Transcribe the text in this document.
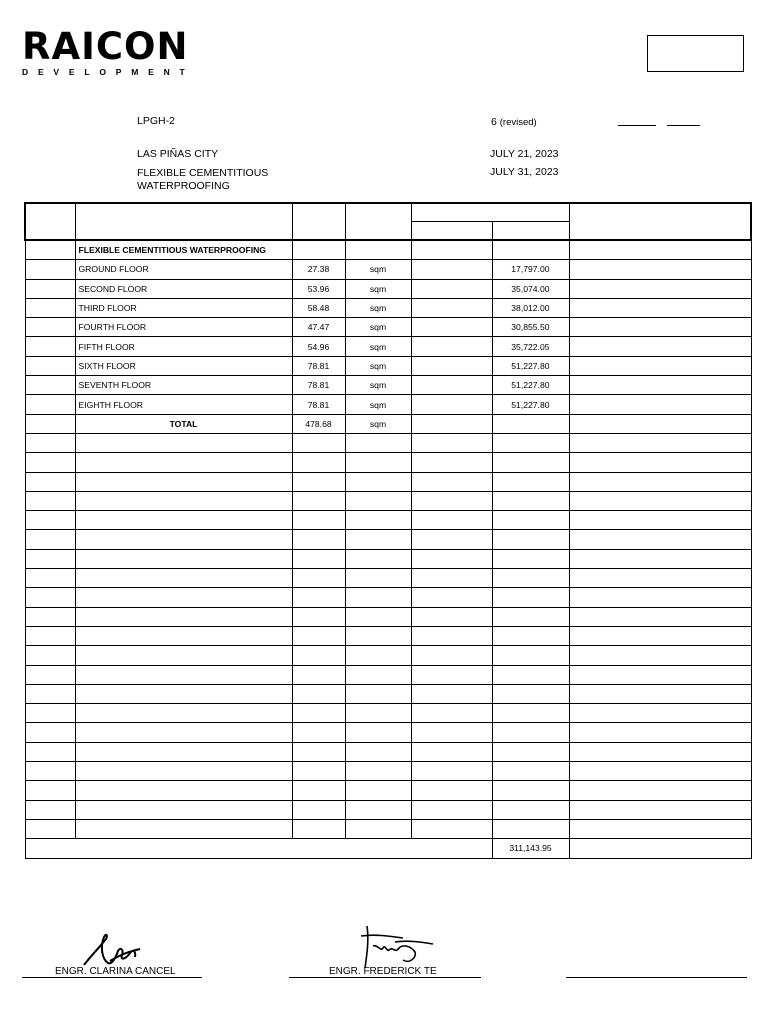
RAICON
DEVELOPMENT
LPGH-2	6 (revised)
LAS PIÑAS CITY	JULY 21, 2023
FLEXIBLE CEMENTITIOUS
WATERPROOFING
JULY 31, 2023

	FLEXIBLE CEMENTITIOUS WATERPROOFING					
	GROUND FLOOR	27.38	sqm		17,797.00	
	SECOND FLOOR	53.96	sqm		35,074.00	
	THIRD FLOOR	58.48	sqm		38,012.00	
	FOURTH FLOOR	47.47	sqm		30,855.50	
	FIFTH FLOOR	54.96	sqm		35,722.05	
	SIXTH FLOOR	78.81	sqm		51,227.80	
	SEVENTH FLOOR	78.81	sqm		51,227.80	
	EIGHTH FLOOR	78.81	sqm		51,227.80	
	TOTAL	478.68	sqm			

					311,143.95	
ENGR. CLARINA CANCEL	ENGR. FREDERICK TE
